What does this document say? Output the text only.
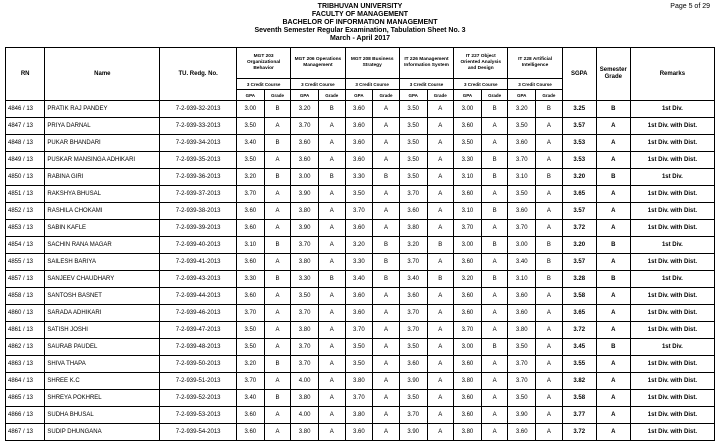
Page 5 of 29
TRIBHUVAN UNIVERSITY
FACULTY OF MANAGEMENT
BACHELOR OF INFORMATION MANAGEMENT
Seventh Semester Regular Examination, Tabulation Sheet No. 3
March - April 2017
RN	Name	TU. Redg. No.	MGT 203 Organizational Behavior		MGT 206 Operations Management		MGT 208 Business Strategy		IT 226 Management Information System		IT 227 Object Oriented Analysis and Design		IT 228 Artificial Intelligence		SGPA	Semester Grade	Remarks
			3 Credit Course		3 Credit Course		3 Credit Course		3 Credit Course		3 Credit Course		3 Credit Course				
			GPA	Grade	GPA	Grade	GPA	Grade	GPA	Grade	GPA	Grade	GPA	Grade			
4846 / 13	PRATIK RAJ PANDEY	7-2-939-32-2013	3.00	B	3.20	B	3.60	A	3.50	A	3.00	B	3.20	B	3.25	B	1st Div.
4847 / 13	PRIYA DARNAL	7-2-939-33-2013	3.50	A	3.70	A	3.60	A	3.50	A	3.60	A	3.50	A	3.57	A	1st Div. with Dist.
4848 / 13	PUKAR BHANDARI	7-2-939-34-2013	3.40	B	3.60	A	3.60	A	3.50	A	3.50	A	3.60	A	3.53	A	1st Div. with Dist.
4849 / 13	PUSKAR MANSINGA ADHIKARI	7-2-939-35-2013	3.50	A	3.60	A	3.60	A	3.50	A	3.30	B	3.70	A	3.53	A	1st Div. with Dist.
4850 / 13	RABINA GIRI	7-2-939-36-2013	3.20	B	3.00	B	3.30	B	3.50	A	3.10	B	3.10	B	3.20	B	1st Div.
4851 / 13	RAKSHYA BHUSAL	7-2-939-37-2013	3.70	A	3.90	A	3.50	A	3.70	A	3.60	A	3.50	A	3.65	A	1st Div. with Dist.
4852 / 13	RASHILA CHOKAMI	7-2-939-38-2013	3.60	A	3.80	A	3.70	A	3.60	A	3.10	B	3.60	A	3.57	A	1st Div. with Dist.
4853 / 13	SABIN KAFLE	7-2-939-39-2013	3.60	A	3.90	A	3.60	A	3.80	A	3.70	A	3.70	A	3.72	A	1st Div. with Dist.
4854 / 13	SACHIN RANA MAGAR	7-2-939-40-2013	3.10	B	3.70	A	3.20	B	3.20	B	3.00	B	3.00	B	3.20	B	1st Div.
4855 / 13	SAILESH BARIYA	7-2-939-41-2013	3.60	A	3.80	A	3.30	B	3.70	A	3.60	A	3.40	B	3.57	A	1st Div. with Dist.
4857 / 13	SANJEEV CHAUDHARY	7-2-939-43-2013	3.30	B	3.30	B	3.40	B	3.40	B	3.20	B	3.10	B	3.28	B	1st Div.
4858 / 13	SANTOSH BASNET	7-2-939-44-2013	3.60	A	3.50	A	3.60	A	3.60	A	3.60	A	3.60	A	3.58	A	1st Div. with Dist.
4860 / 13	SARADA ADHIKARI	7-2-939-46-2013	3.70	A	3.70	A	3.60	A	3.70	A	3.60	A	3.60	A	3.65	A	1st Div. with Dist.
4861 / 13	SATISH JOSHI	7-2-939-47-2013	3.50	A	3.80	A	3.70	A	3.70	A	3.70	A	3.80	A	3.72	A	1st Div. with Dist.
4862 / 13	SAURAB PAUDEL	7-2-939-48-2013	3.50	A	3.70	A	3.50	A	3.50	A	3.00	B	3.50	A	3.45	B	1st Div.
4863 / 13	SHIVA THAPA	7-2-939-50-2013	3.20	B	3.70	A	3.50	A	3.60	A	3.60	A	3.70	A	3.55	A	1st Div. with Dist.
4864 / 13	SHREE K.C	7-2-939-51-2013	3.70	A	4.00	A	3.80	A	3.90	A	3.80	A	3.70	A	3.82	A	1st Div. with Dist.
4865 / 13	SHREYA POKHREL	7-2-939-52-2013	3.40	B	3.80	A	3.70	A	3.50	A	3.60	A	3.50	A	3.58	A	1st Div. with Dist.
4866 / 13	SUDHA BHUSAL	7-2-939-53-2013	3.60	A	4.00	A	3.80	A	3.70	A	3.60	A	3.90	A	3.77	A	1st Div. with Dist.
4867 / 13	SUDIP DHUNGANA	7-2-939-54-2013	3.60	A	3.80	A	3.60	A	3.90	A	3.80	A	3.60	A	3.72	A	1st Div. with Dist.
